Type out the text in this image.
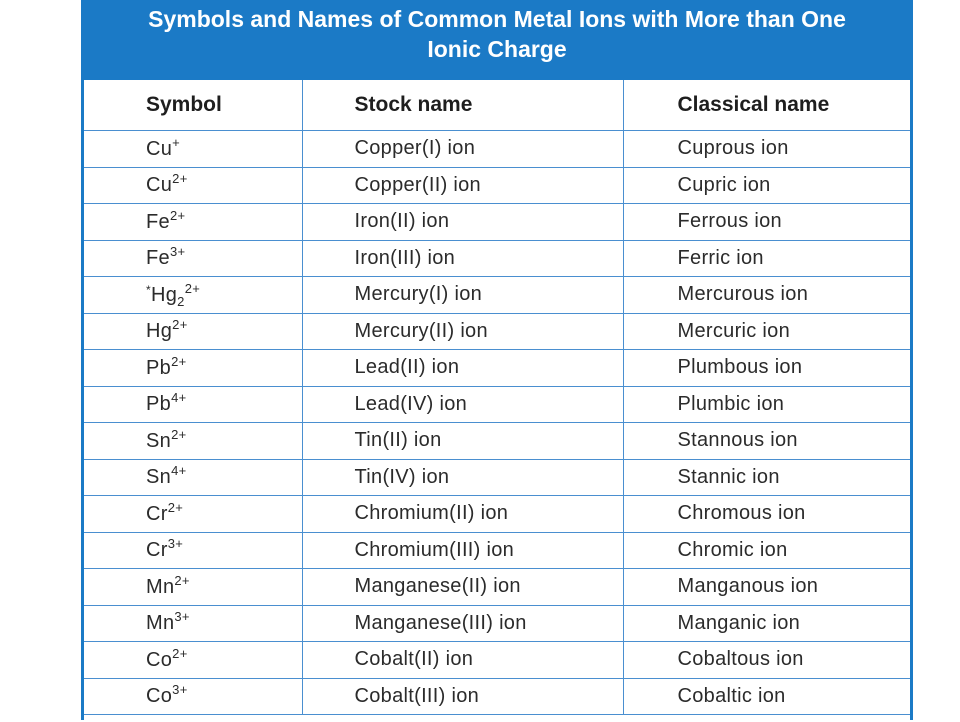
Symbols and Names of Common Metal Ions with More than One
Ionic Charge
Symbol	Stock name	Classical name
Cu+	Copper(I) ion	Cuprous ion
$Cu^{2+}$	Copper(II) ion	Cupric ion
$Fe^{2+}$	Iron(II) ion	Ferrous ion
$Fe^{3+}$	Iron(III) ion	Ferric ion
$^*Hg_2^{2+}$	Mercury(I) ion	Mercurous ion
$Hg^{2+}$	Mercury(II) ion	Mercuric ion
$Pb^{2+}$	Lead(II) ion	Plumbous ion
$Pb^{4+}$	Lead(IV) ion	Plumbic ion
$Sn^{2+}$	Tin(II) ion	Stannous ion
$Sn^{4+}$	Tin(IV) ion	Stannic ion
$Cr^{2+}$	Chromium(II) ion	Chromous ion
$Cr^{3+}$	Chromium(III) ion	Chromic ion
$Mn^{2+}$	Manganese(II) ion	Manganous ion
$Mn^{3+}$	Manganese(III) ion	Manganic ion
$Co^{2+}$	Cobalt(II) ion	Cobaltous ion
$Co^{3+}$	Cobalt(III) ion	Cobaltic ion
